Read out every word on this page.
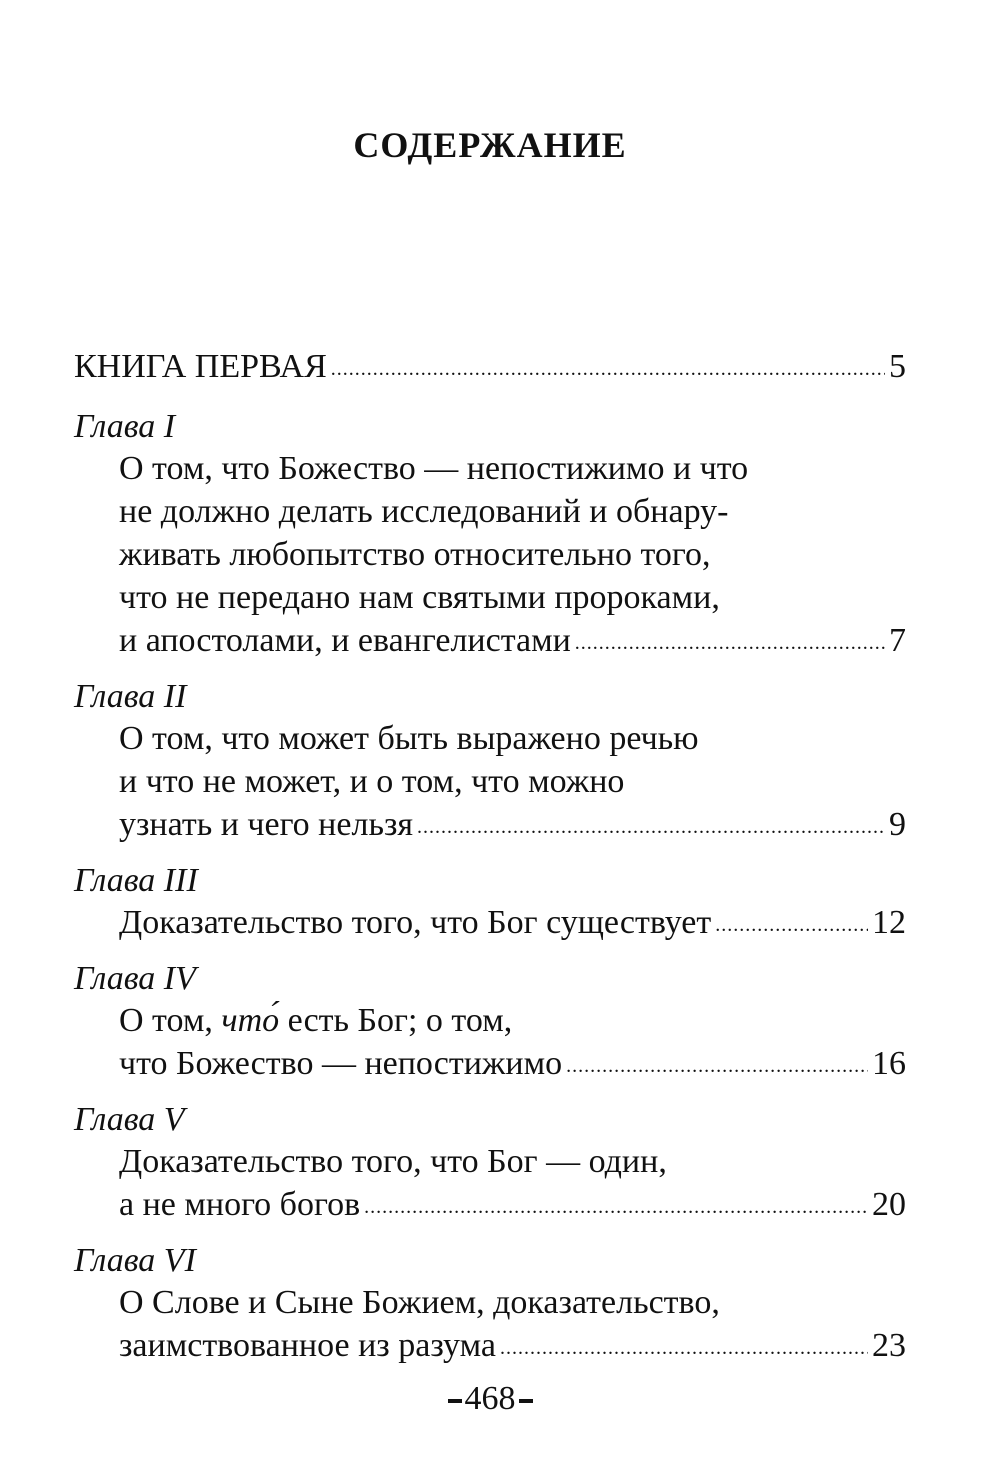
СОДЕРЖАНИЕ
КНИГА ПЕРВАЯ .....	5
Глава I
О том, что Божество — непостижимо и что
не должно делать исследований и обнару-
живать любопытство относительно того,
что не передано нам святыми пророками,
и апостолами, и евангелистами .....	7
Глава II
О том, что может быть выражено речью
и что не может, и о том, что можно
узнать и чего нельзя .....	9
Глава III
Доказательство того, что Бог существует .....	12
Глава IV
О том, что́ есть Бог; о том,
что Божество — непостижимо .....	16
Глава V
Доказательство того, что Бог — один,
а не много богов .....	20
Глава VI
О Слове и Сыне Божием, доказательство,
заимствованное из разума .....	23
468
